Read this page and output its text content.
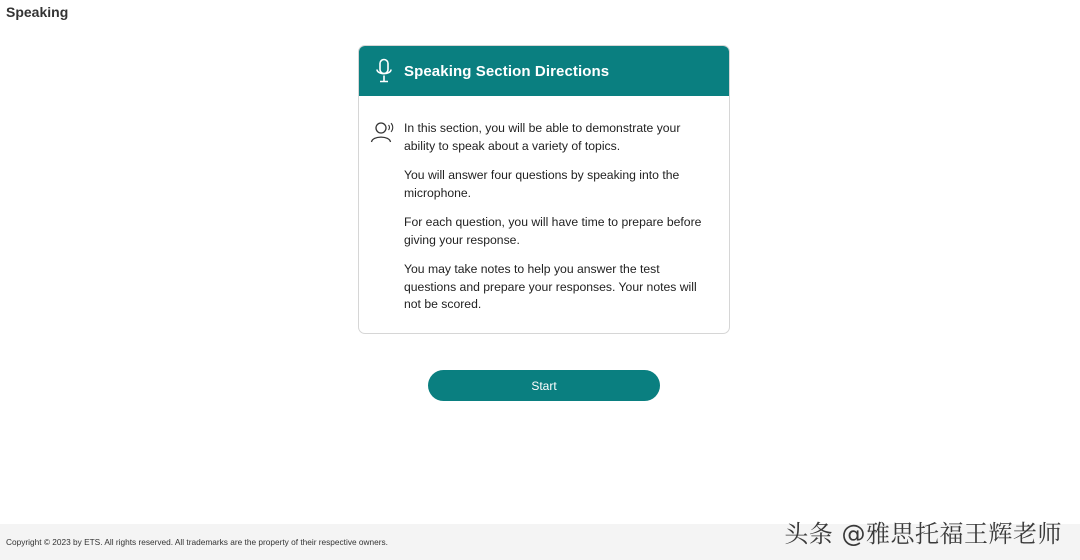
Speaking
Speaking Section Directions

In this section, you will be able to demonstrate your ability to speak about a variety of topics.

You will answer four questions by speaking into the microphone.

For each question, you will have time to prepare before giving your response.

You may take notes to help you answer the test questions and prepare your responses. Your notes will not be scored.

Start
Copyright © 2023 by ETS. All rights reserved. All trademarks are the property of their respective owners.	头条 @雅思托福王辉老师
